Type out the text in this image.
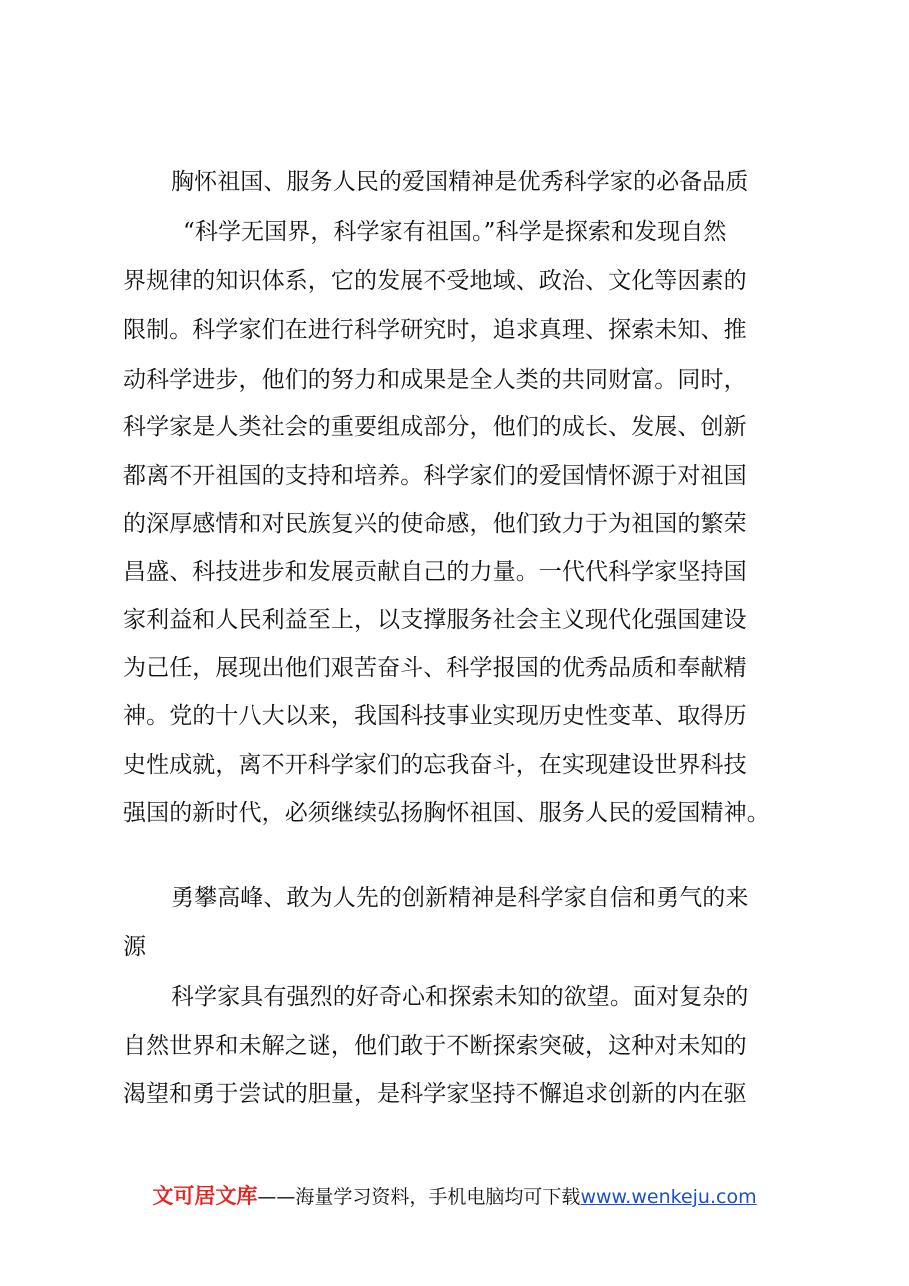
胸怀祖国、服务人民的爱国精神是优秀科学家的必备品质
“科学无国界，科学家有祖国。”科学是探索和发现自然
界规律的知识体系，它的发展不受地域、政治、文化等因素的
限制。科学家们在进行科学研究时，追求真理、探索未知、推
动科学进步，他们的努力和成果是全人类的共同财富。同时，
科学家是人类社会的重要组成部分，他们的成长、发展、创新
都离不开祖国的支持和培养。科学家们的爱国情怀源于对祖国
的深厚感情和对民族复兴的使命感，他们致力于为祖国的繁荣
昌盛、科技进步和发展贡献自己的力量。一代代科学家坚持国
家利益和人民利益至上，以支撑服务社会主义现代化强国建设
为己任，展现出他们艰苦奋斗、科学报国的优秀品质和奉献精
神。党的十八大以来，我国科技事业实现历史性变革、取得历
史性成就，离不开科学家们的忘我奋斗，在实现建设世界科技
强国的新时代，必须继续弘扬胸怀祖国、服务人民的爱国精神。
勇攀高峰、敢为人先的创新精神是科学家自信和勇气的来
源
科学家具有强烈的好奇心和探索未知的欲望。面对复杂的
自然世界和未解之谜，他们敢于不断探索突破，这种对未知的
渴望和勇于尝试的胆量，是科学家坚持不懈追求创新的内在驱
文可居文库——海量学习资料，手机电脑均可下载www.wenkeju.com
